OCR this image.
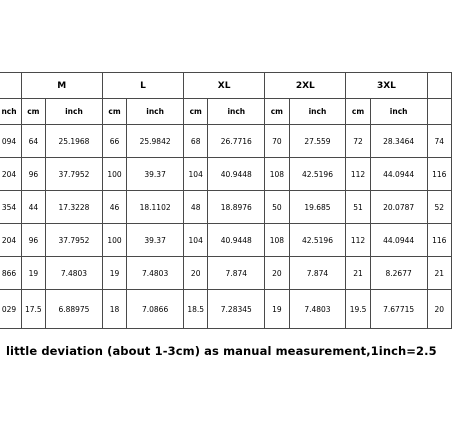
		M		L		XL		2XL		3XL		
	nch	cm	inch	cm	inch	cm	inch	cm	inch	cm	inch	
	094	64	25.1968	66	25.9842	68	26.7716	70	27.559	72	28.3464	74
	204	96	37.7952	100	39.37	104	40.9448	108	42.5196	112	44.0944	116
	354	44	17.3228	46	18.1102	48	18.8976	50	19.685	51	20.0787	52
	204	96	37.7952	100	39.37	104	40.9448	108	42.5196	112	44.0944	116
	866	19	7.4803	19	7.4803	20	7.874	20	7.874	21	8.2677	21
	029	17.5	6.88975	18	7.0866	18.5	7.28345	19	7.4803	19.5	7.67715	20
little deviation (about 1-3cm) as manual measurement,1inch=2.5
